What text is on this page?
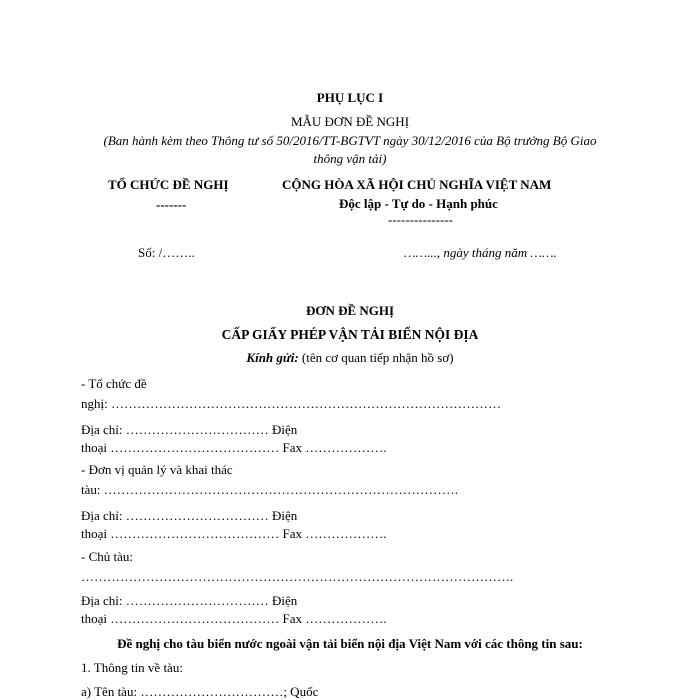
PHỤ LỤC I
MẪU ĐƠN ĐỀ NGHỊ
(Ban hành kèm theo Thông tư số 50/2016/TT-BGTVT ngày 30/12/2016 của Bộ trưởng Bộ Giao
thông vận tải)
TỔ CHỨC ĐỀ NGHỊ
-------
CỘNG HÒA XÃ HỘI CHỦ NGHĨA VIỆT NAM
Độc lập - Tự do - Hạnh phúc
---------------
Số: /……..	……..., ngày tháng năm …….
ĐƠN ĐỀ NGHỊ
CẤP GIẤY PHÉP VẬN TẢI BIỂN NỘI ĐỊA
Kính gửi: (tên cơ quan tiếp nhận hồ sơ)
- Tổ chức đề
nghị: ………………………………………………………………………………
Địa chỉ: …………………………… Điện
thoại ………………………………… Fax ……………….
- Đơn vị quản lý và khai thác
tàu: ……………………………………………………………………….
Địa chỉ: …………………………… Điện
thoại ………………………………… Fax ……………….
- Chủ tàu:
……………………………………………………………………………………….
Địa chỉ: …………………………… Điện
thoại ………………………………… Fax ……………….
Đề nghị cho tàu biển nước ngoài vận tải biển nội địa Việt Nam với các thông tin sau:
1. Thông tin về tàu:
a) Tên tàu: ……………………………; Quốc
